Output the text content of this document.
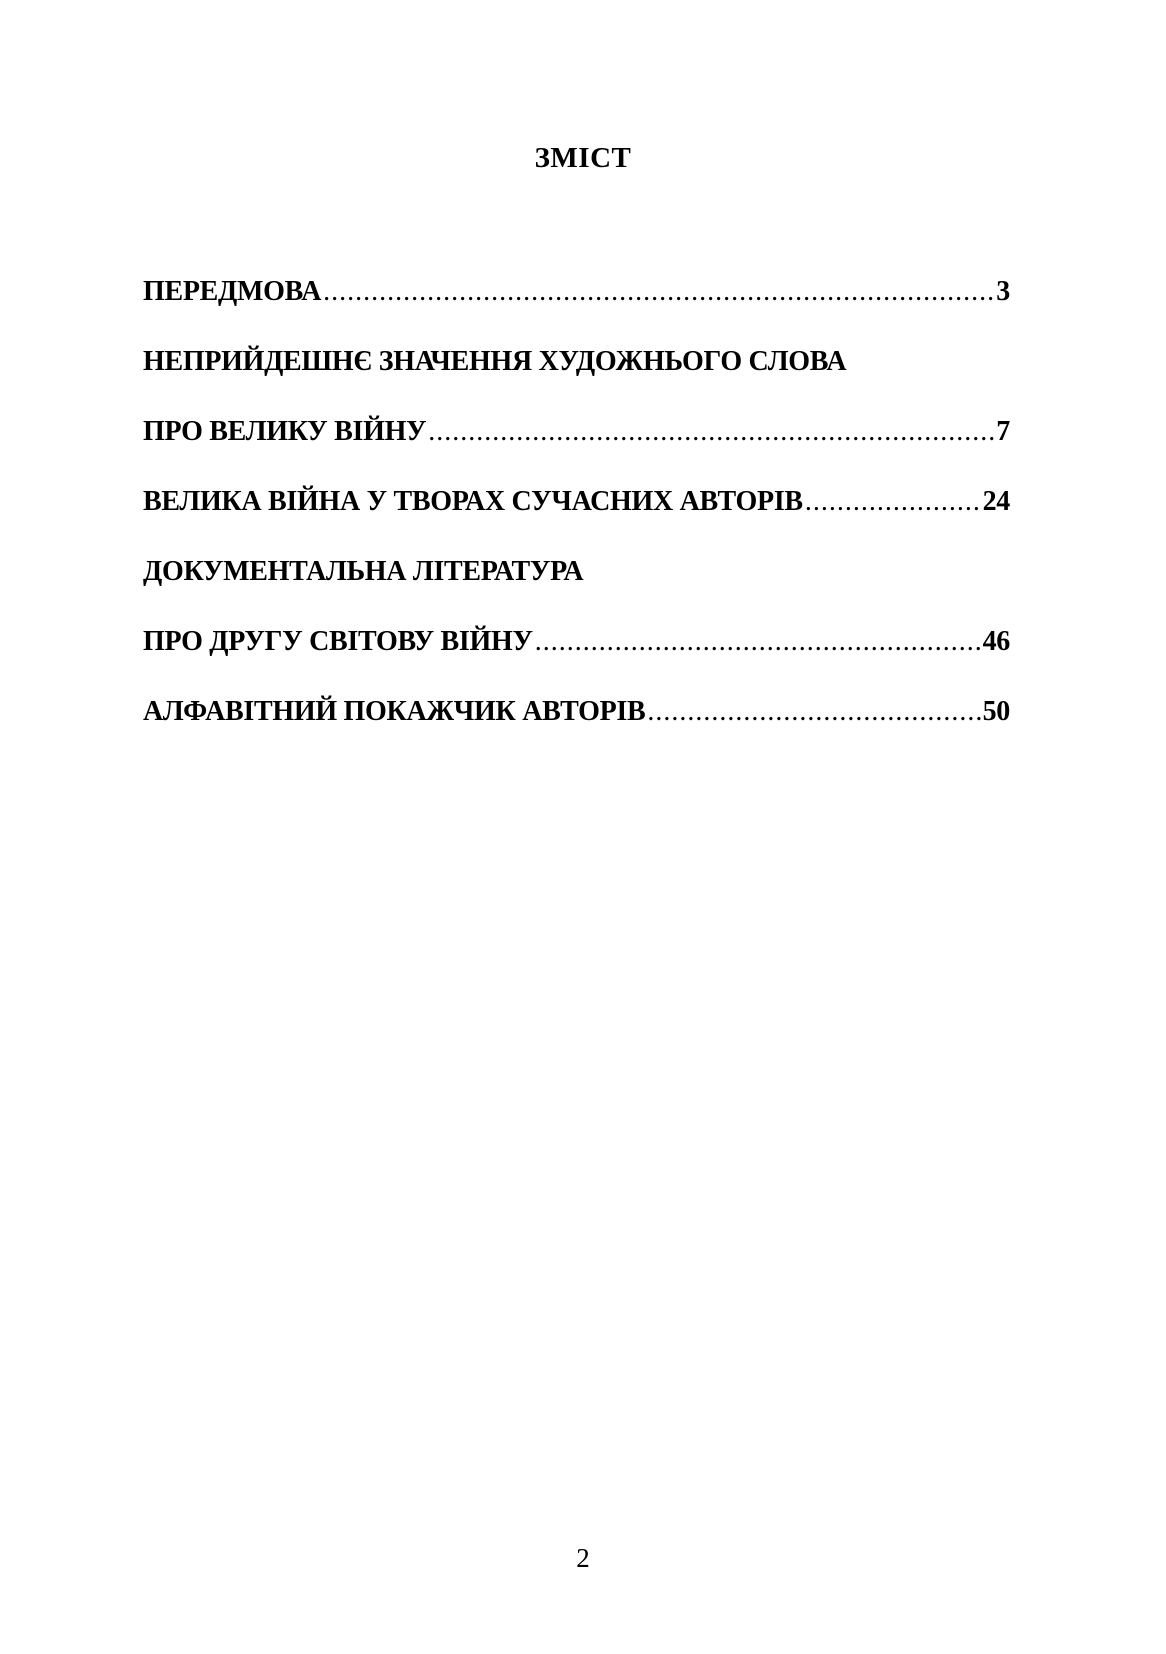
ЗМІСТ
ПЕРЕДМОВА .....	3
НЕПРИЙДЕШНЄ ЗНАЧЕННЯ ХУДОЖНЬОГО СЛОВА
ПРО ВЕЛИКУ ВІЙНУ .....	7
ВЕЛИКА ВІЙНА У ТВОРАХ СУЧАСНИХ АВТОРІВ .....	24
ДОКУМЕНТАЛЬНА ЛІТЕРАТУРА
ПРО ДРУГУ СВІТОВУ ВІЙНУ .....	46
АЛФАВІТНИЙ ПОКАЖЧИК АВТОРІВ .....	50
2
